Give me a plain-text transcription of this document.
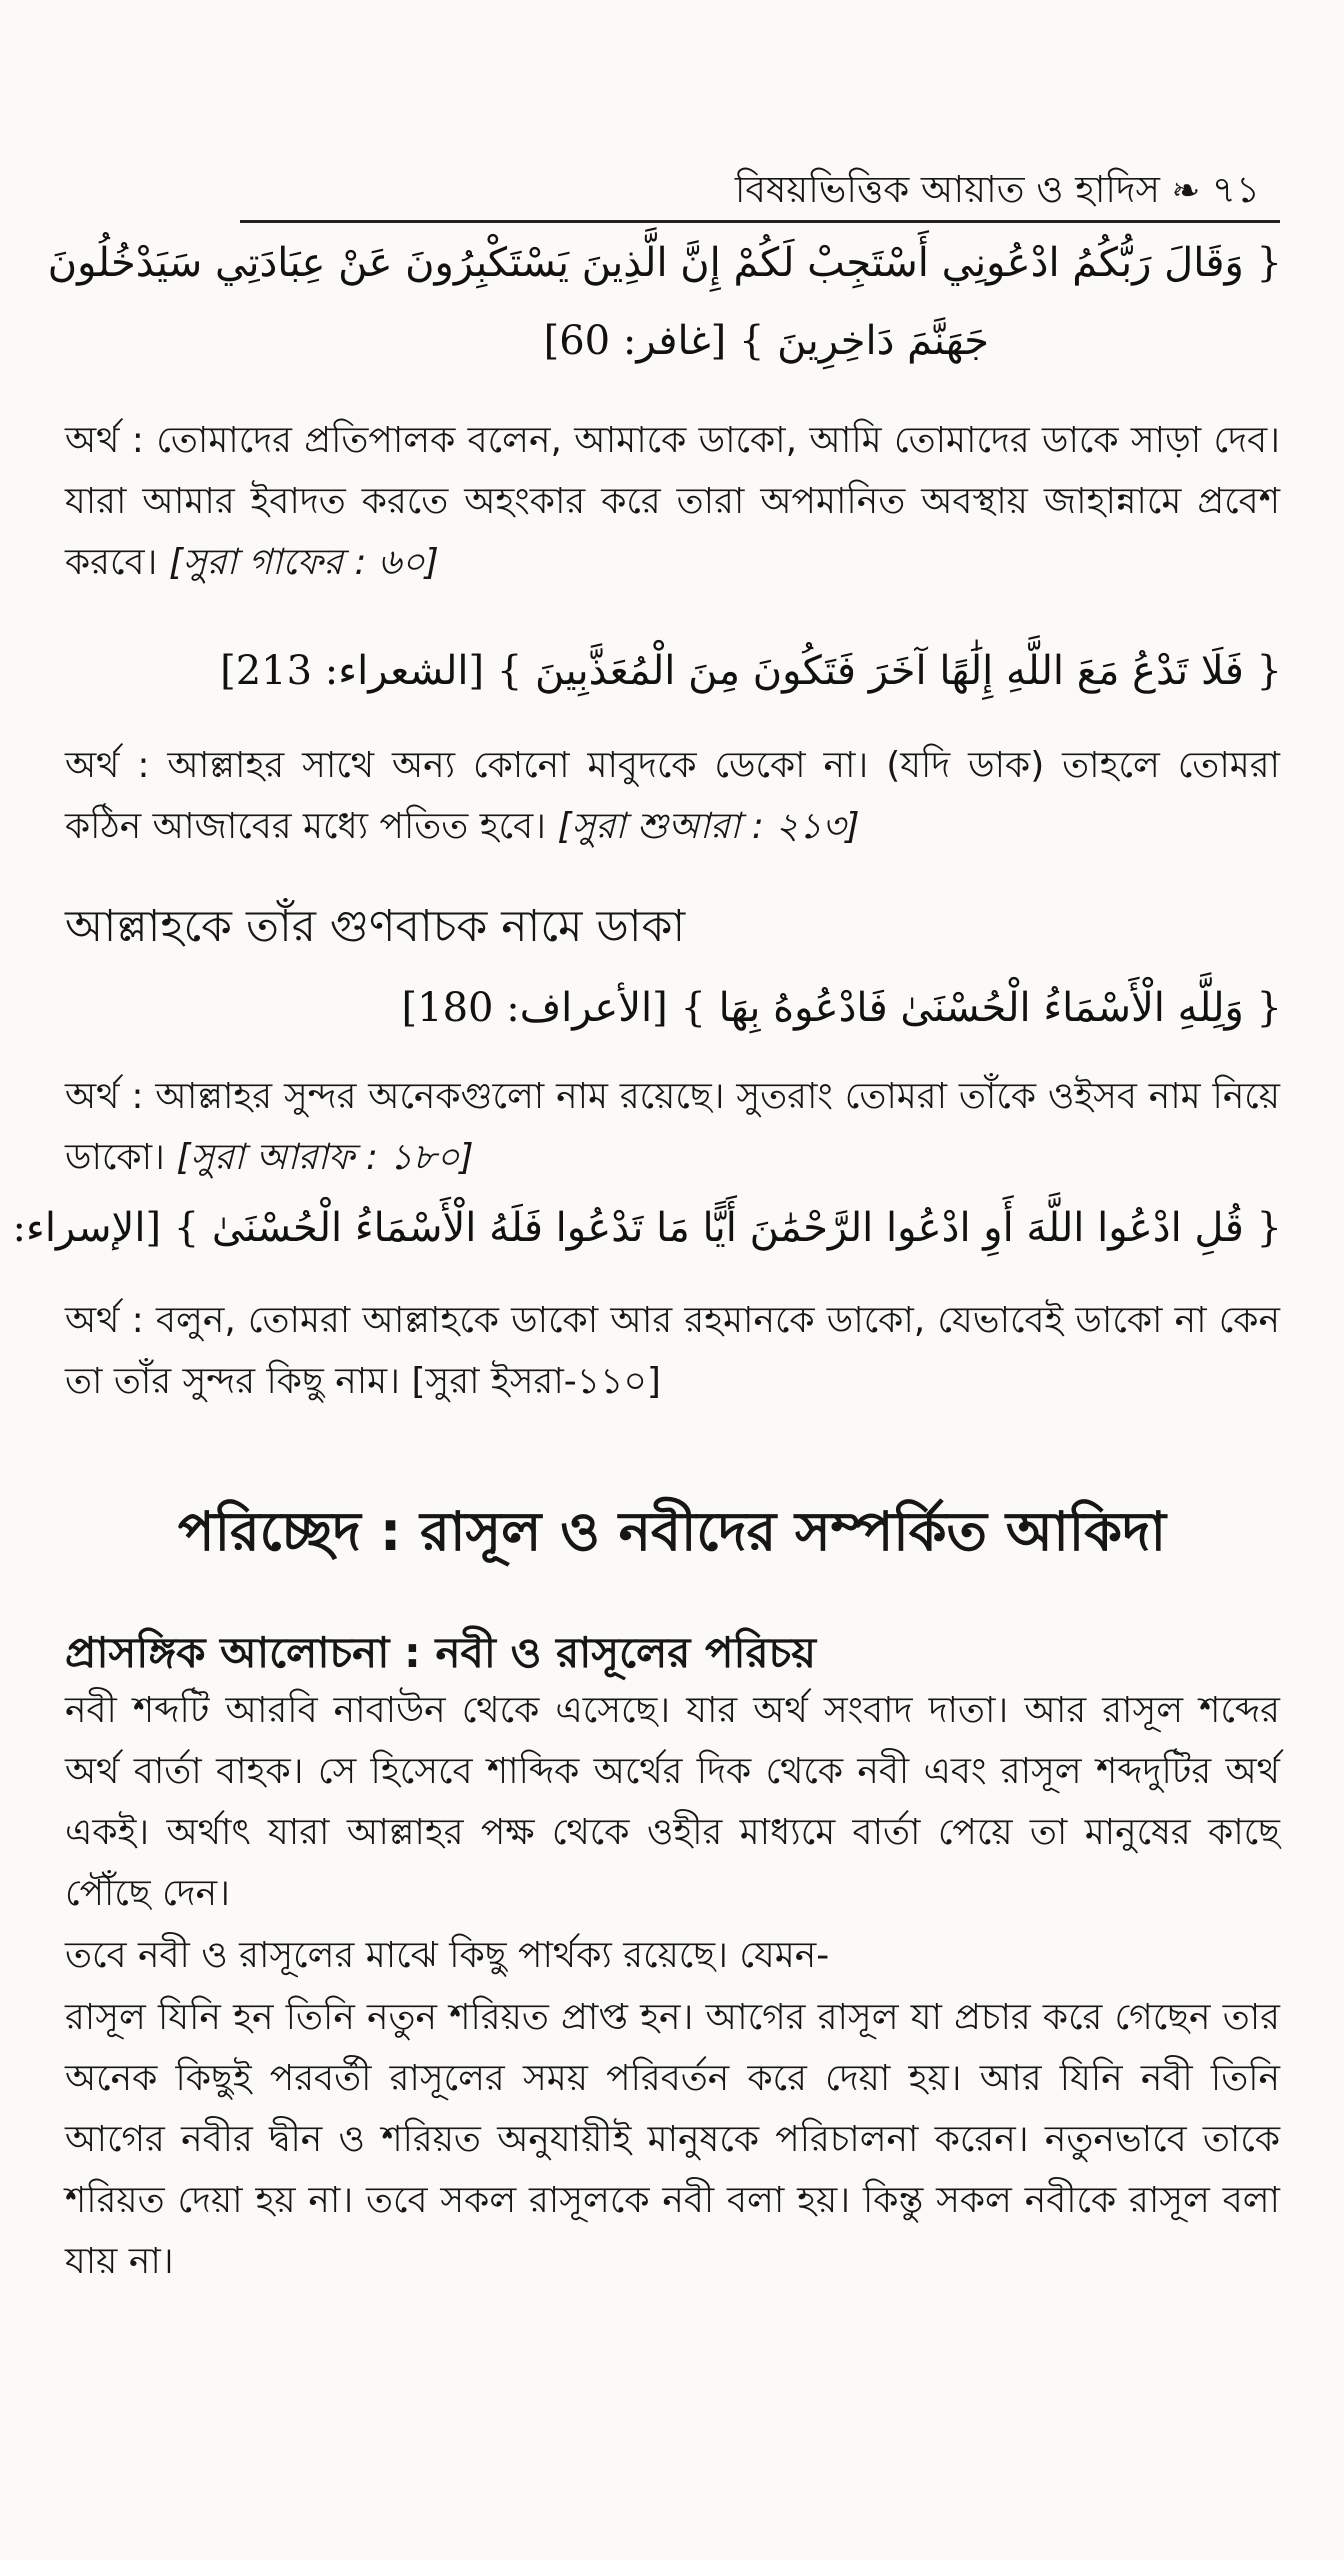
বিষয়ভিত্তিক আয়াত ও হাদিস ❧ ৭১
{ وَقَالَ رَبُّكُمُ ادْعُونِي أَسْتَجِبْ لَكُمْ إِنَّ الَّذِينَ يَسْتَكْبِرُونَ عَنْ عِبَادَتِي سَيَدْخُلُونَ
جَهَنَّمَ دَاخِرِينَ } [غافر: 60]
অর্থ : তোমাদের প্রতিপালক বলেন, আমাকে ডাকো, আমি তোমাদের ডাকে সাড়া দেব। যারা আমার ইবাদত করতে অহংকার করে তারা অপমানিত অবস্থায় জাহান্নামে প্রবেশ করবে। [সুরা গাফের : ৬০]
{ فَلَا تَدْعُ مَعَ اللَّهِ إِلَٰهًا آخَرَ فَتَكُونَ مِنَ الْمُعَذَّبِينَ } [الشعراء: 213]
অর্থ : আল্লাহর সাথে অন্য কোনো মাবুদকে ডেকো না। (যদি ডাক) তাহলে তোমরা কঠিন আজাবের মধ্যে পতিত হবে। [সুরা শুআরা : ২১৩]
আল্লাহকে তাঁর গুণবাচক নামে ডাকা
{ وَلِلَّهِ الْأَسْمَاءُ الْحُسْنَىٰ فَادْعُوهُ بِهَا } [الأعراف: 180]
অর্থ : আল্লাহর সুন্দর অনেকগুলো নাম রয়েছে। সুতরাং তোমরা তাঁকে ওইসব নাম নিয়ে ডাকো। [সুরা আরাফ : ১৮০]
{ قُلِ ادْعُوا اللَّهَ أَوِ ادْعُوا الرَّحْمَٰنَ أَيًّا مَا تَدْعُوا فَلَهُ الْأَسْمَاءُ الْحُسْنَىٰ } [الإسراء:
অর্থ : বলুন, তোমরা আল্লাহকে ডাকো আর রহমানকে ডাকো, যেভাবেই ডাকো না কেন তা তাঁর সুন্দর কিছু নাম। [সুরা ইসরা-১১০]
পরিচ্ছেদ : রাসূল ও নবীদের সম্পর্কিত আকিদা
প্রাসঙ্গিক আলোচনা : নবী ও রাসূলের পরিচয়
নবী শব্দটি আরবি নাবাউন থেকে এসেছে। যার অর্থ সংবাদ দাতা। আর রাসূল শব্দের অর্থ বার্তা বাহক। সে হিসেবে শাব্দিক অর্থের দিক থেকে নবী এবং রাসূল শব্দদুটির অর্থ একই। অর্থাৎ যারা আল্লাহর পক্ষ থেকে ওহীর মাধ্যমে বার্তা পেয়ে তা মানুষের কাছে পৌঁছে দেন।
তবে নবী ও রাসূলের মাঝে কিছু পার্থক্য রয়েছে। যেমন-
রাসূল যিনি হন তিনি নতুন শরিয়ত প্রাপ্ত হন। আগের রাসূল যা প্রচার করে গেছেন তার অনেক কিছুই পরবর্তী রাসূলের সময় পরিবর্তন করে দেয়া হয়। আর যিনি নবী তিনি আগের নবীর দ্বীন ও শরিয়ত অনুযায়ীই মানুষকে পরিচালনা করেন। নতুনভাবে তাকে শরিয়ত দেয়া হয় না। তবে সকল রাসূলকে নবী বলা হয়। কিন্তু সকল নবীকে রাসূল বলা যায় না।
